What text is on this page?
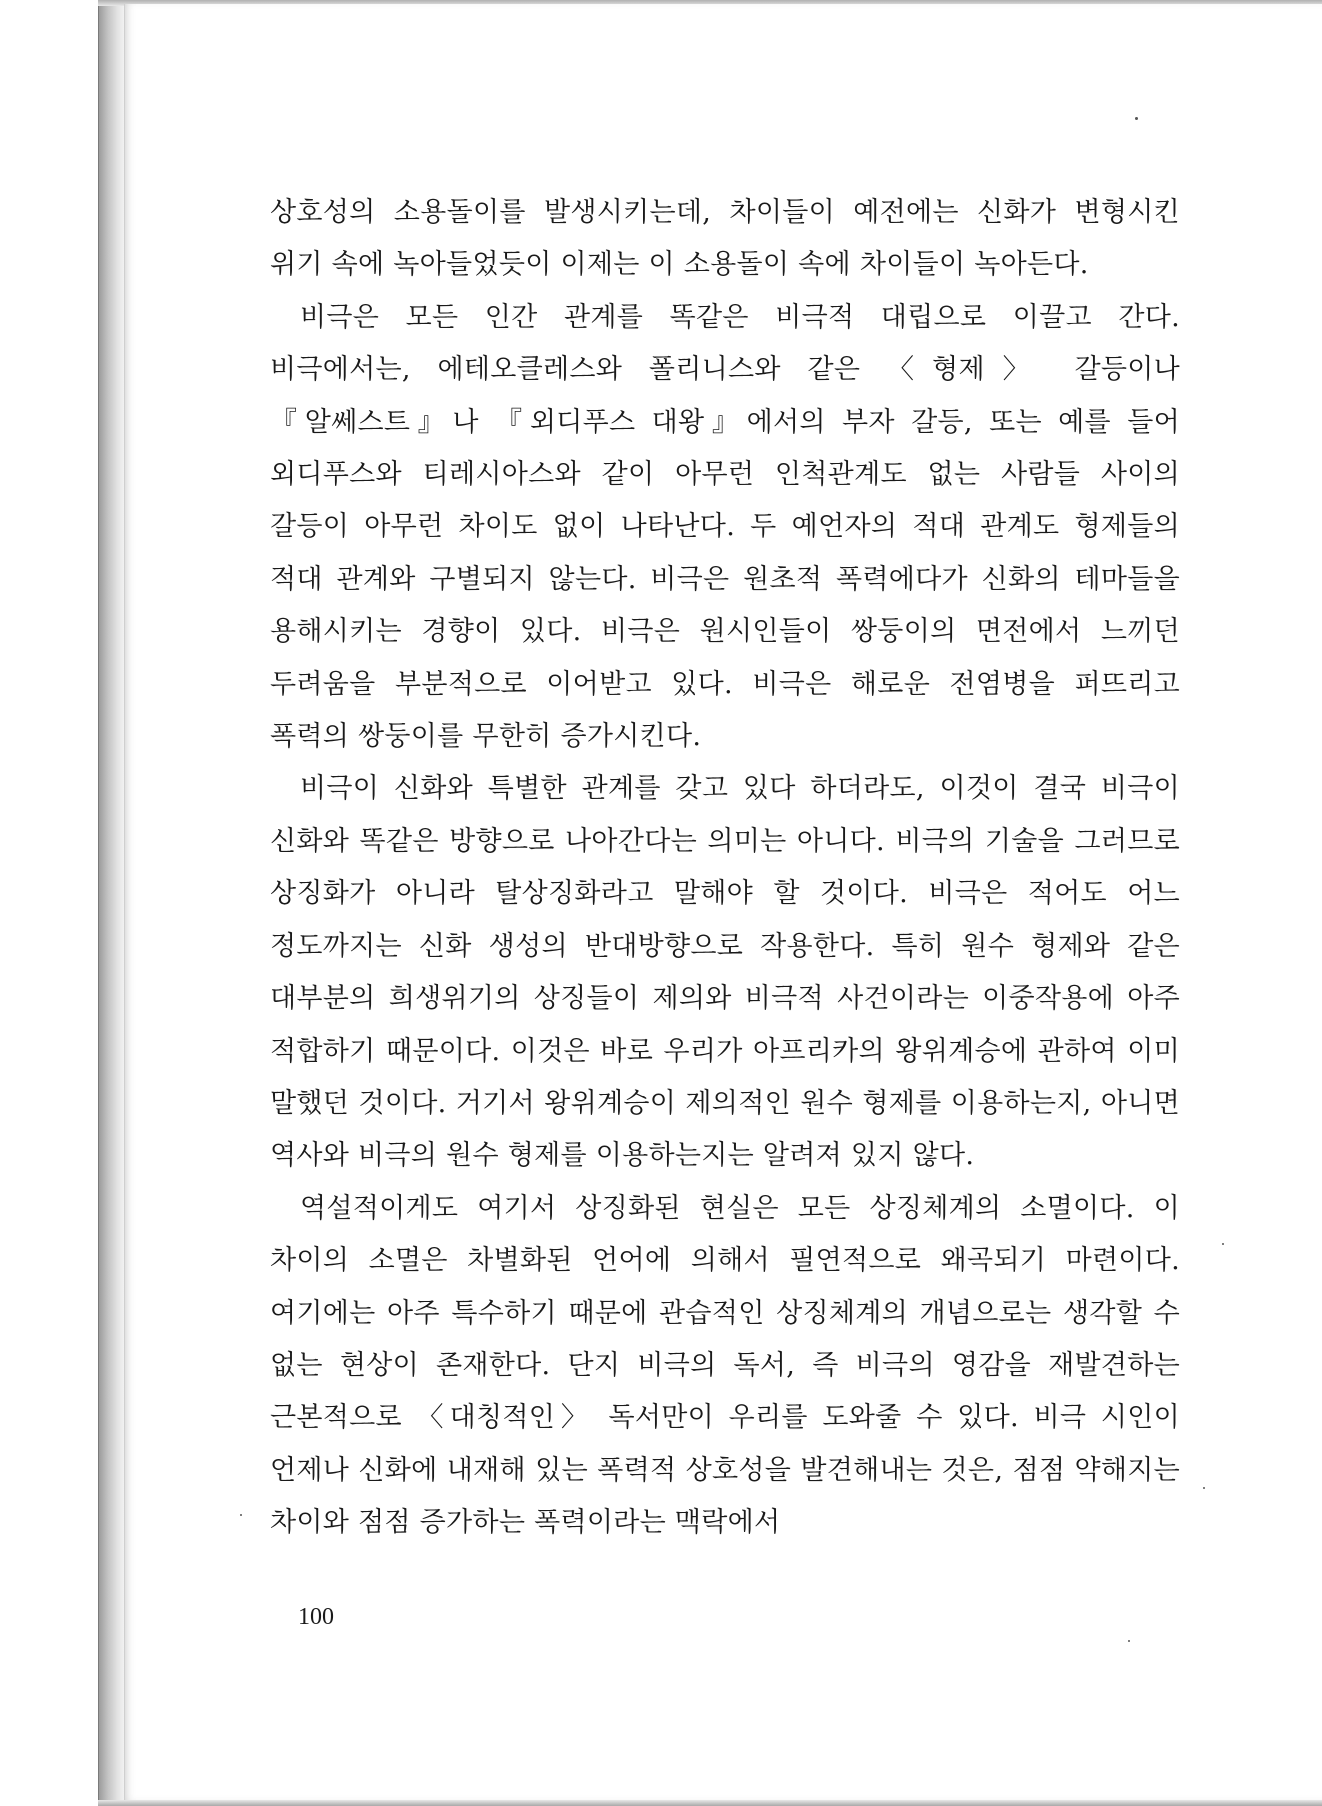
상호성의 소용돌이를 발생시키는데, 차이들이 예전에는 신화가 변형시킨 위기 속에 녹아들었듯이 이제는 이 소용돌이 속에 차이들이 녹아든다.

비극은 모든 인간 관계를 똑같은 비극적 대립으로 이끌고 간다. 비극에서는, 에테오클레스와 폴리니스와 같은 〈형제〉 갈등이나 『알쎄스트』나 『외디푸스 대왕』에서의 부자 갈등, 또는 예를 들어 외디푸스와 티레시아스와 같이 아무런 인척관계도 없는 사람들 사이의 갈등이 아무런 차이도 없이 나타난다. 두 예언자의 적대 관계도 형제들의 적대 관계와 구별되지 않는다. 비극은 원초적 폭력에다가 신화의 테마들을 용해시키는 경향이 있다. 비극은 원시인들이 쌍둥이의 면전에서 느끼던 두려움을 부분적으로 이어받고 있다. 비극은 해로운 전염병을 퍼뜨리고 폭력의 쌍둥이를 무한히 증가시킨다.

비극이 신화와 특별한 관계를 갖고 있다 하더라도, 이것이 결국 비극이 신화와 똑같은 방향으로 나아간다는 의미는 아니다. 비극의 기술을 그러므로 상징화가 아니라 탈상징화라고 말해야 할 것이다. 비극은 적어도 어느 정도까지는 신화 생성의 반대방향으로 작용한다. 특히 원수 형제와 같은 대부분의 희생위기의 상징들이 제의와 비극적 사건이라는 이중작용에 아주 적합하기 때문이다. 이것은 바로 우리가 아프리카의 왕위계승에 관하여 이미 말했던 것이다. 거기서 왕위계승이 제의적인 원수 형제를 이용하는지, 아니면 역사와 비극의 원수 형제를 이용하는지는 알려져 있지 않다.

역설적이게도 여기서 상징화된 현실은 모든 상징체계의 소멸이다. 이 차이의 소멸은 차별화된 언어에 의해서 필연적으로 왜곡되기 마련이다. 여기에는 아주 특수하기 때문에 관습적인 상징체계의 개념으로는 생각할 수 없는 현상이 존재한다. 단지 비극의 독서, 즉 비극의 영감을 재발견하는 근본적으로 〈대칭적인〉 독서만이 우리를 도와줄 수 있다. 비극 시인이 언제나 신화에 내재해 있는 폭력적 상호성을 발견해내는 것은, 점점 약해지는 차이와 점점 증가하는 폭력이라는 맥락에서

100
